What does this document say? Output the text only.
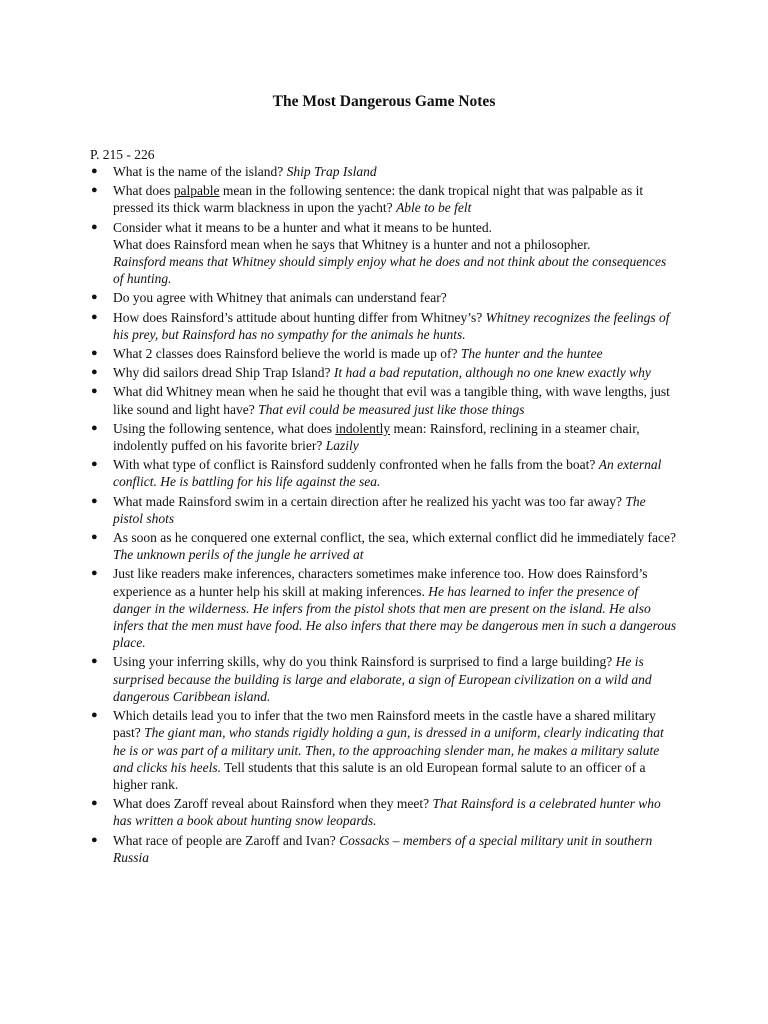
The Most Dangerous Game Notes

P. 215 - 226

● What is the name of the island? Ship Trap Island
● What does palpable mean in the following sentence: the dank tropical night that was palpable as it pressed its thick warm blackness in upon the yacht? Able to be felt
● Consider what it means to be a hunter and what it means to be hunted.
What does Rainsford mean when he says that Whitney is a hunter and not a philosopher.
Rainsford means that Whitney should simply enjoy what he does and not think about the consequences of hunting.
● Do you agree with Whitney that animals can understand fear?
● How does Rainsford’s attitude about hunting differ from Whitney’s? Whitney recognizes the feelings of his prey, but Rainsford has no sympathy for the animals he hunts.
● What 2 classes does Rainsford believe the world is made up of? The hunter and the huntee
● Why did sailors dread Ship Trap Island? It had a bad reputation, although no one knew exactly why
● What did Whitney mean when he said he thought that evil was a tangible thing, with wave lengths, just like sound and light have? That evil could be measured just like those things
● Using the following sentence, what does indolently mean: Rainsford, reclining in a steamer chair, indolently puffed on his favorite brier? Lazily
● With what type of conflict is Rainsford suddenly confronted when he falls from the boat? An external conflict. He is battling for his life against the sea.
● What made Rainsford swim in a certain direction after he realized his yacht was too far away? The pistol shots
● As soon as he conquered one external conflict, the sea, which external conflict did he immediately face? The unknown perils of the jungle he arrived at
● Just like readers make inferences, characters sometimes make inference too. How does Rainsford’s experience as a hunter help his skill at making inferences. He has learned to infer the presence of danger in the wilderness. He infers from the pistol shots that men are present on the island. He also infers that the men must have food. He also infers that there may be dangerous men in such a dangerous place.
● Using your inferring skills, why do you think Rainsford is surprised to find a large building? He is surprised because the building is large and elaborate, a sign of European civilization on a wild and dangerous Caribbean island.
● Which details lead you to infer that the two men Rainsford meets in the castle have a shared military past? The giant man, who stands rigidly holding a gun, is dressed in a uniform, clearly indicating that he is or was part of a military unit. Then, to the approaching slender man, he makes a military salute and clicks his heels. Tell students that this salute is an old European formal salute to an officer of a higher rank.
● What does Zaroff reveal about Rainsford when they meet? That Rainsford is a celebrated hunter who has written a book about hunting snow leopards.
● What race of people are Zaroff and Ivan? Cossacks – members of a special military unit in southern Russia
